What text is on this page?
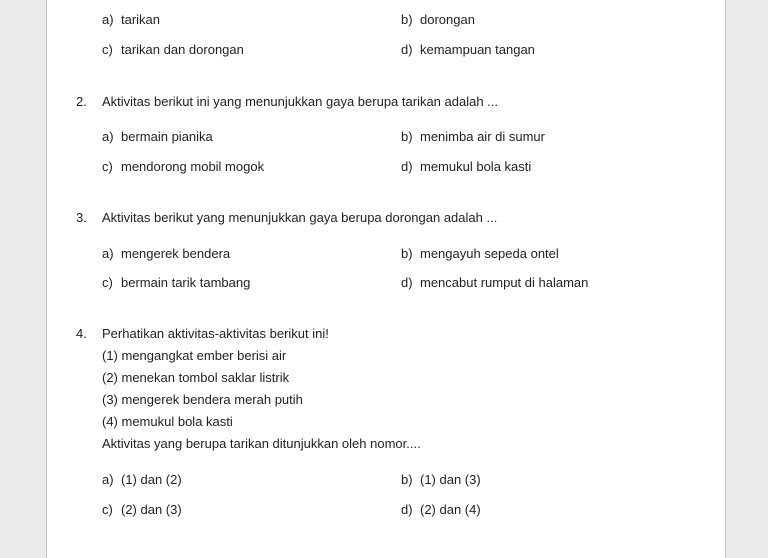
a) tarikan	b) dorongan
c) tarikan dan dorongan	d) kemampuan tangan
2. Aktivitas berikut ini yang menunjukkan gaya berupa tarikan adalah ...
a) bermain pianika	b) menimba air di sumur
c) mendorong mobil mogok	d) memukul bola kasti
3. Aktivitas berikut yang menunjukkan gaya berupa dorongan adalah ...
a) mengerek bendera	b) mengayuh sepeda ontel
c) bermain tarik tambang	d) mencabut rumput di halaman
4. Perhatikan aktivitas-aktivitas berikut ini!
(1) mengangkat ember berisi air
(2) menekan tombol saklar listrik
(3) mengerek bendera merah putih
(4) memukul bola kasti
Aktivitas yang berupa tarikan ditunjukkan oleh nomor....
a) (1) dan (2)	b) (1) dan (3)
c) (2) dan (3)	d) (2) dan (4)
